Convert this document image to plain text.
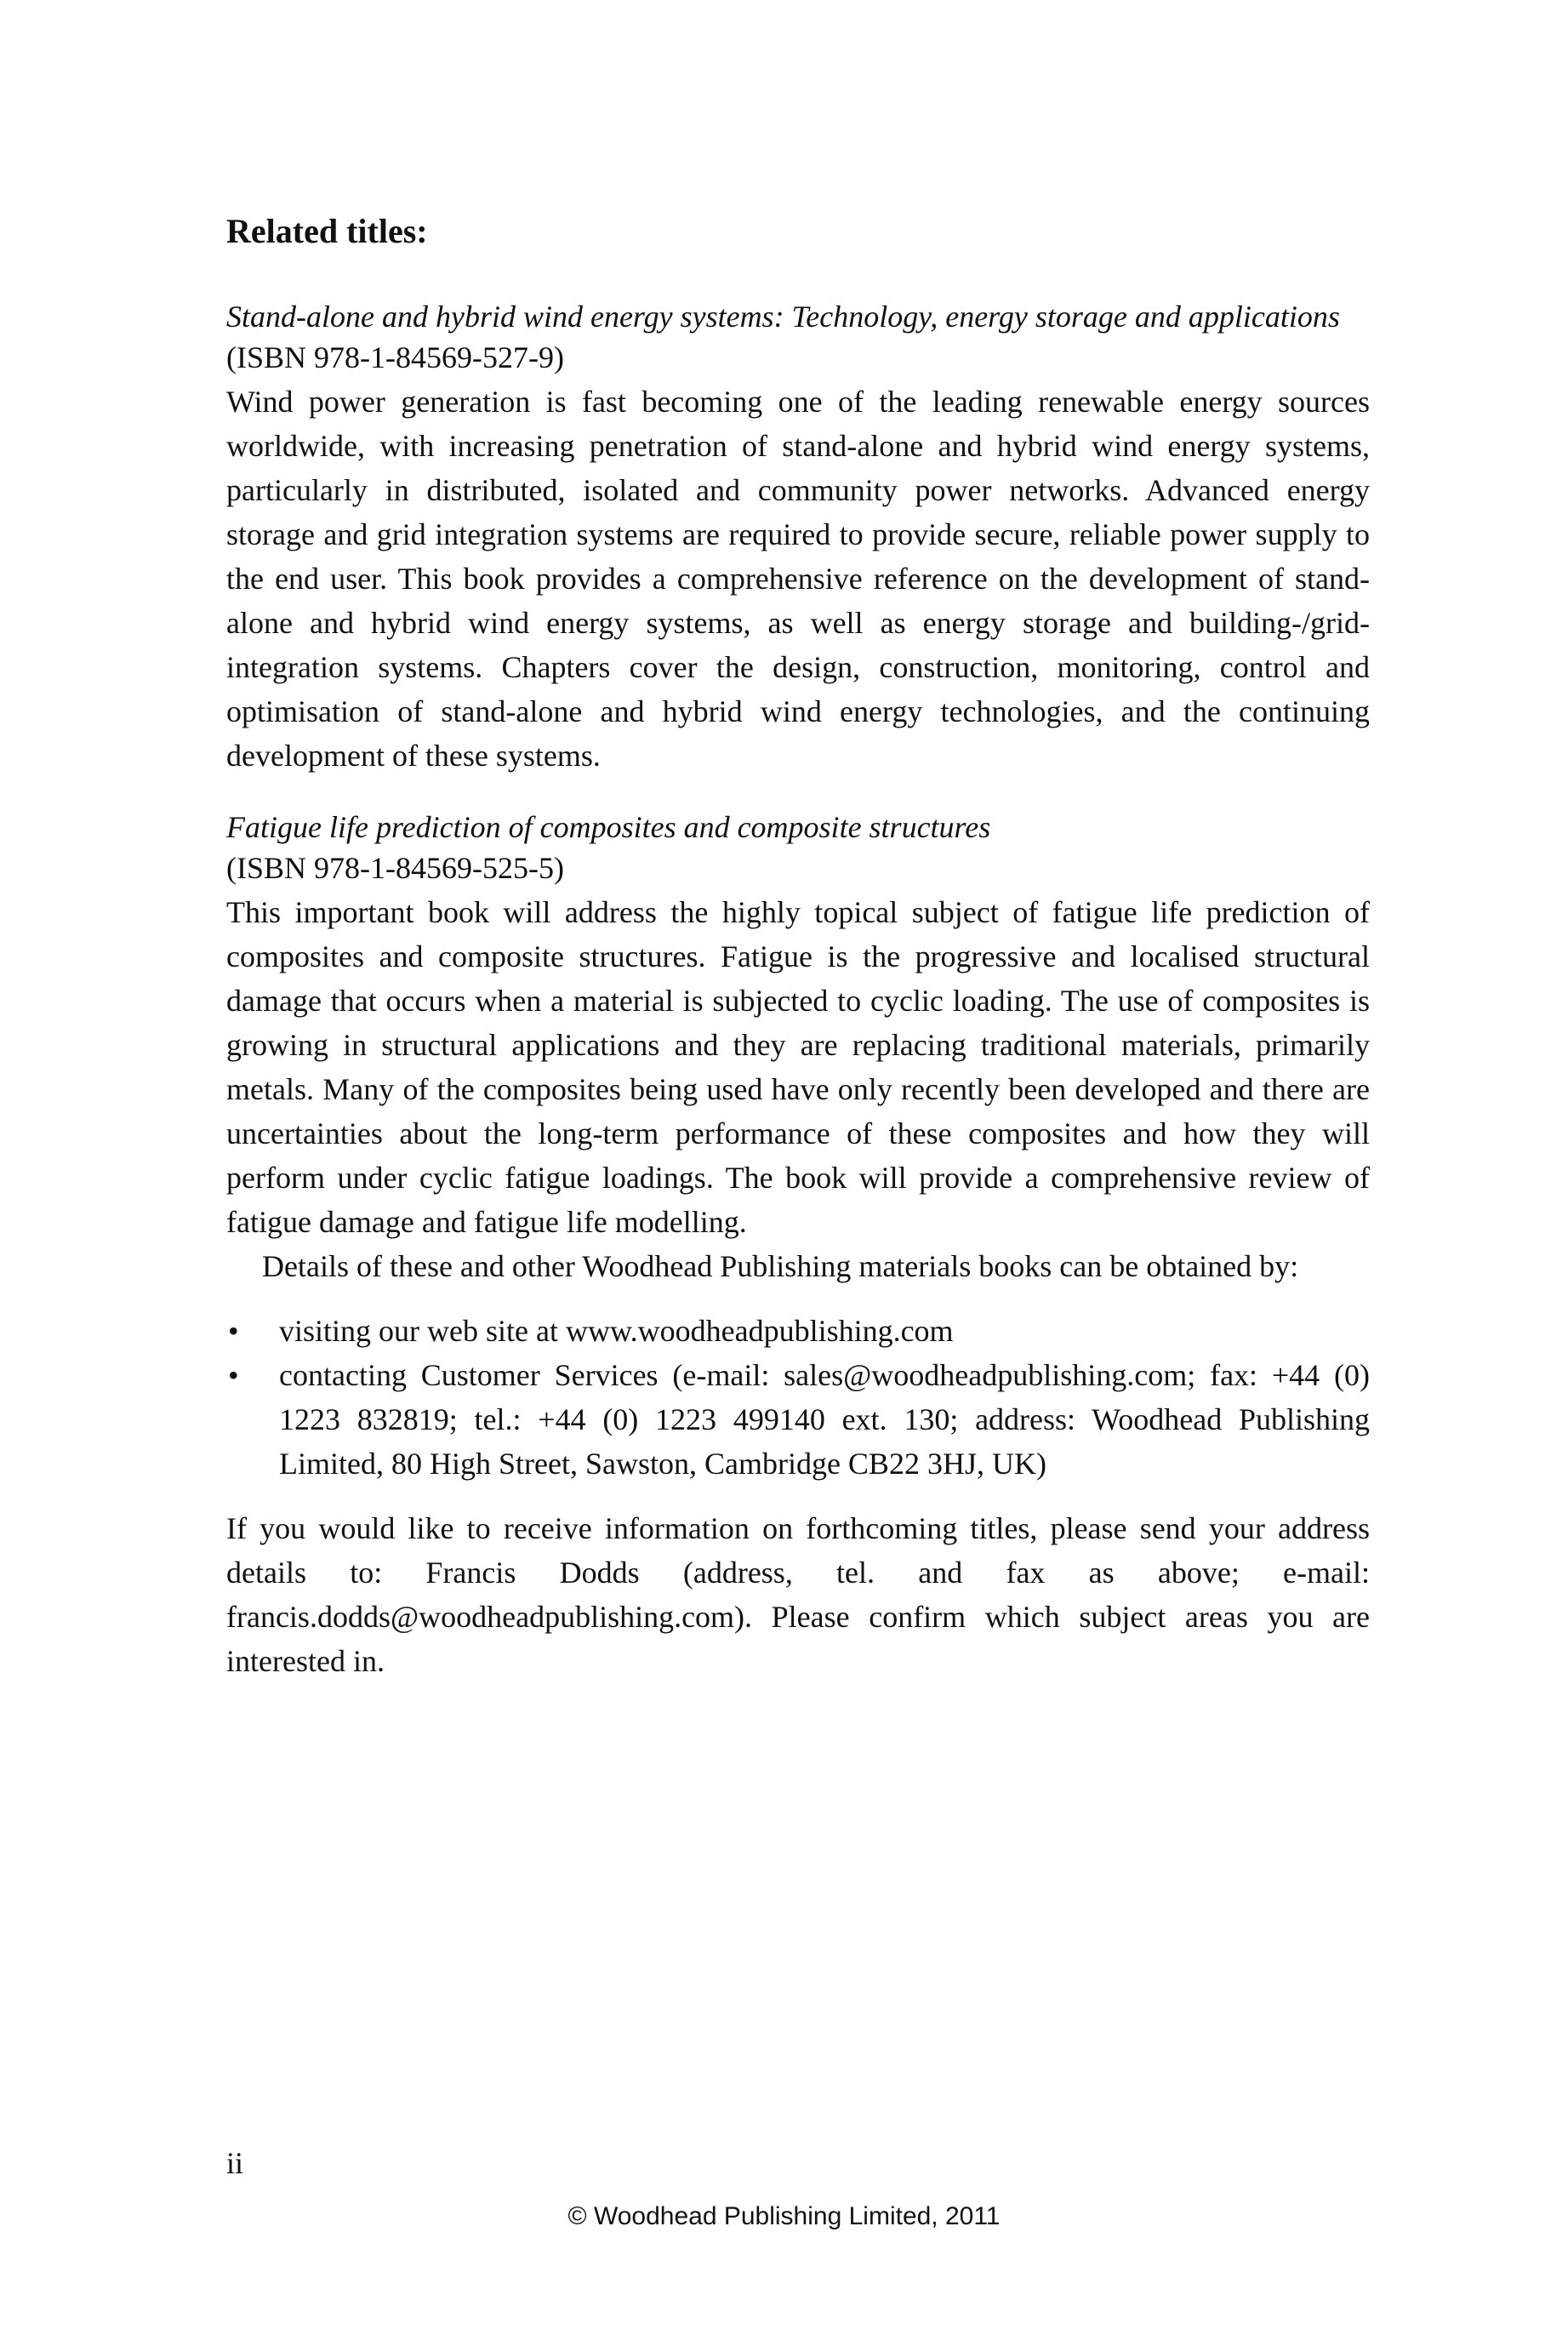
Related titles:
Stand-alone and hybrid wind energy systems: Technology, energy storage and applications
(ISBN 978-1-84569-527-9)
Wind power generation is fast becoming one of the leading renewable energy sources worldwide, with increasing penetration of stand-alone and hybrid wind energy systems, particularly in distributed, isolated and community power networks. Advanced energy storage and grid integration systems are required to provide secure, reliable power supply to the end user. This book provides a comprehensive reference on the development of stand-alone and hybrid wind energy systems, as well as energy storage and building-/grid-integration systems. Chapters cover the design, construction, monitoring, control and optimisation of stand-alone and hybrid wind energy technologies, and the continuing development of these systems.
Fatigue life prediction of composites and composite structures
(ISBN 978-1-84569-525-5)
This important book will address the highly topical subject of fatigue life prediction of composites and composite structures. Fatigue is the progressive and localised structural damage that occurs when a material is subjected to cyclic loading. The use of composites is growing in structural applications and they are replacing traditional materials, primarily metals. Many of the composites being used have only recently been developed and there are uncertainties about the long-term performance of these composites and how they will perform under cyclic fatigue loadings. The book will provide a comprehensive review of fatigue damage and fatigue life modelling.
Details of these and other Woodhead Publishing materials books can be obtained by:
• visiting our web site at www.woodheadpublishing.com
• contacting Customer Services (e-mail: sales@woodheadpublishing.com; fax: +44 (0) 1223 832819; tel.: +44 (0) 1223 499140 ext. 130; address: Woodhead Publishing Limited, 80 High Street, Sawston, Cambridge CB22 3HJ, UK)
If you would like to receive information on forthcoming titles, please send your address details to: Francis Dodds (address, tel. and fax as above; e-mail: francis.dodds@woodheadpublishing.com). Please confirm which subject areas you are interested in.
ii
© Woodhead Publishing Limited, 2011
